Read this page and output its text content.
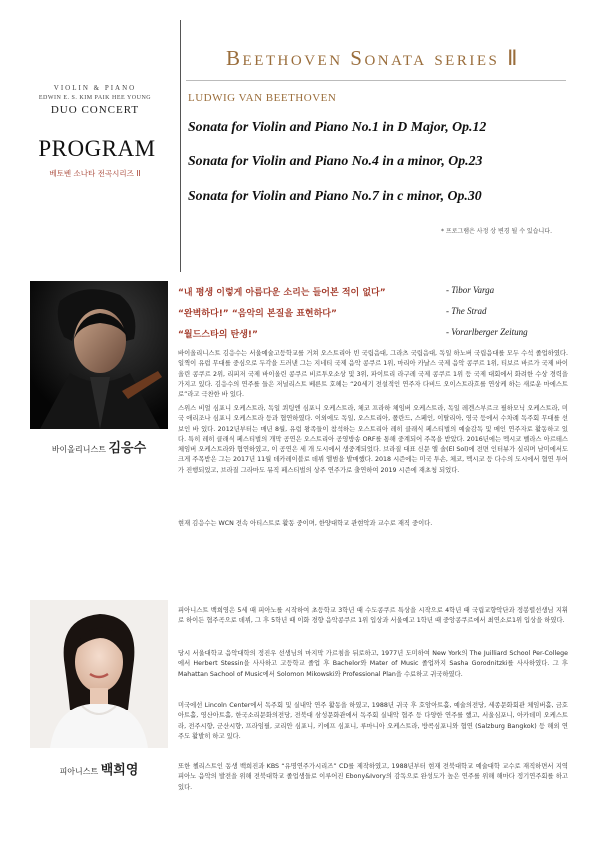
VIOLIN & PIANO
EDWIN E. S. KIM PAIK HEE YOUNG
DUO CONCERT
PROGRAM
베토벤 소나타 전곡시리즈 II
Beethoven Sonata series Ⅱ
LUDWIG VAN BEETHOVEN
Sonata for Violin and Piano No.1 in D Major, Op.12
Sonata for Violin and Piano No.4 in a minor, Op.23
Sonata for Violin and Piano No.7 in c minor, Op.30
* 프로그램은 사정 상 변경 될 수 있습니다.
바이올리니스트 김응수
“내 평생 이렇게 아름다운 소리는 들어본 적이 없다”	- Tibor Varga
“완벽하다!” “음악의 본질을 표현하다”	- The Strad
“월드스타의 탄생!”	- Vorarlberger Zeitung

바이올리니스트 김응수는 서울예술고등학교를 거쳐 오스트리아 빈 국립음대, 그라츠 국립음대, 독일 하노버 국립음대를 모두 수석 졸업하였다. 일찍이 유럽 무대를 중심으로 두각을 드러낸 그는 지네티 국제 음악 콩쿠르 1위, 마리아 카날스 국제 음악 콩쿠르 1위, 티보르 바르가 국제 바이올린 콩쿠르 2위, 리피저 국제 바이올린 콩쿠르 비르투오소상 및 3위, 파이트리 라구레 국제 콩쿠르 1위 등 국제 대회에서 화려한 수상 경력을 가지고 있다. 김응수의 연주를 들은 저널리스트 베른트 호헤는 “20세기 전설적인 연주자 다비드 오이스트라흐를 연상케 하는 새로운 마에스트로”라고 극찬한 바 있다.

스위스 비얼 심포니 오케스트라, 독일 쾨팅엔 심포니 오케스트라, 체코 프라하 체임버 오케스트라, 독일 레겐스부르크 필하모닉 오케스트라, 미국 애리조나 심포니 오케스트라 등과 협연하였다. 이외에도 독일, 오스트리아, 폴란드, 스페인, 이탈리아, 영국 등에서 수차례 독주회 무대를 선보인 바 있다. 2012년부터는 매년 8월, 유럽 왕족들이 참석하는 오스트리아 레히 클래식 페스티벌의 예술감독 및 메인 연주자로 활동하고 있다. 특히 레히 클래식 페스티벌의 개막 공연은 오스트리아 공영방송 ORF를 통해 중계되어 주목을 받았다. 2016년에는 멕시코 벨라스 아르테스 체임버 오케스트라와 협연하였고, 이 공연은 세 개 도시에서 생중계되었다. 브라질 대표 신문 엘 솔(El Sol)에 전면 인터뷰가 실리며 남미에서도 크게 주목받은 그는 2017년 11월 데카레이블로 데뷔 앨범을 발매했다. 2018 시즌에는 미국 투손, 체코, 멕시코 등 다수의 도시에서 협연 투어가 진행되었고, 브라질 그라마도 뮤직 페스티벌의 상주 연주가로 출연하여 2019 시즌에 재초청 되었다.

현재 김응수는 WCN 전속 아티스트로 활동 중이며, 한양대학교 관현악과 교수로 재직 중이다.

피아니스트 백희영

피아니스트 백희영은 5세 때 피아노를 시작하여 초등학교 3학년 때 수도콩쿠르 특상을 시작으로 4학년 때 국립교향악단과 정봉렬선생님 지휘로 하이든 협주곡으로 데뷔, 그 후 5학년 때 이화 경향 음악콩쿠르 1위 입상과 서울예고 1학년 때 중앙콩쿠르에서 최연소로1위 입상을 하였다.

당시 서울대학교 음악대학의 정진우 선생님의 마지막 가르침을 뒤로하고, 1977년 도미하여 New York의 The Juilliard School Per-College에서 Herbert Stessin을 사사하고 고등학교 졸업 후 Bachelor와 Mater of Music 졸업까지 Sasha Gorodnitzki를 사사하였다. 그 후 Mahattan Sachool of Music에서 Solomon Mikowski와 Professional Plan을 수료하고 귀국하였다.

미국에선 Lincoln Center에서 독주회 및 실내악 연주 활동을 하였고, 1988년 귀국 후 호암아트홀, 예술의전당, 세종문화회관 체임버홀, 금호아트홀, 영산아트홀, 한국소리문화의전당, 전북대 삼성문화관에서 독주회 실내악 협주 등 다양한 연주를 했고, 서울심포니, 아카데미 오케스트라, 전주시향, 군산시향, 프라임필, 코리안 심포니, 키에프 심포니, 루마니아 오케스트라, 방콕심포니와 협연 (Salzburg Bangkok) 등 해외 연주도 활발히 하고 있다.

또한 첼리스트인 동생 백희진과 KBS “유명연주가시리즈” CD를 제작하였고, 1988년부터 현재 전북대학교 예술대학 교수로 재직하면서 지역 피아노 음악의 발전을 위해 전북대학교 졸업생들로 이루어진 Ebony&Ivory의 감독으로 완성도가 높은 연주를 위해 해마다 정기연주회를 하고 있다.
